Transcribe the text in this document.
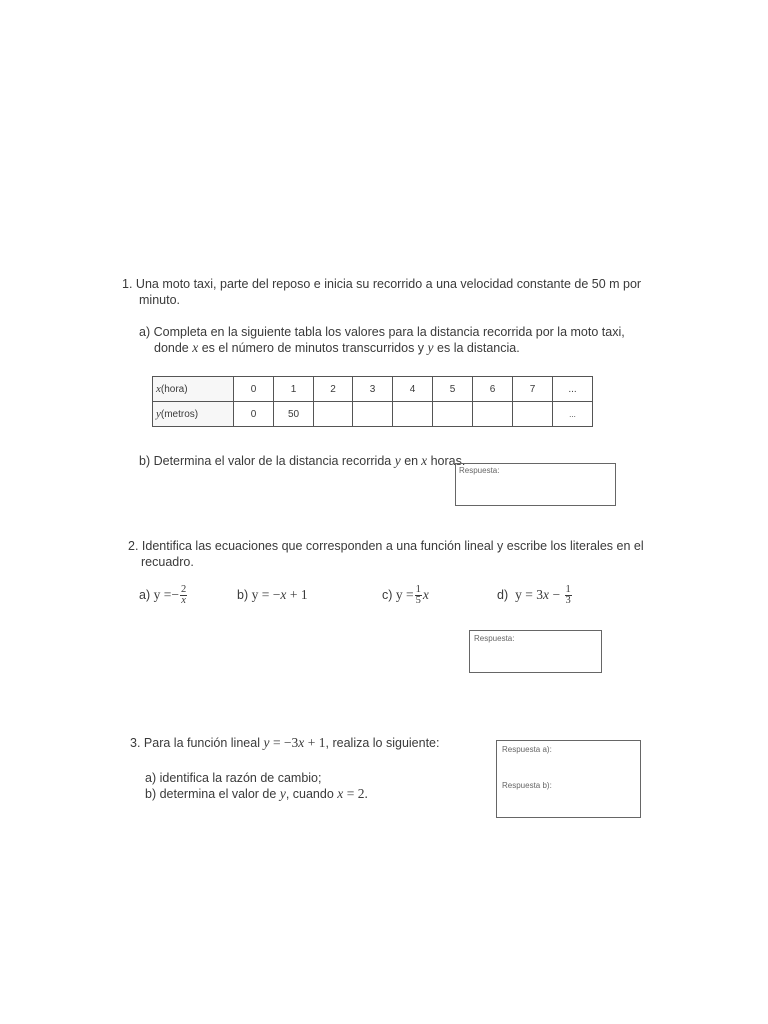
1. Una moto taxi, parte del reposo e inicia su recorrido a una velocidad constante de 50 m por
minuto.
a) Completa en la siguiente tabla los valores para la distancia recorrida por la moto taxi,
donde x es el número de minutos transcurridos y y es la distancia.
x(hora)	0	1	2	3	4	5	6	7	...
y(metros)	0	50							...
b) Determina el valor de la distancia recorrida y en x horas.
Respuesta:
2. Identifica las ecuaciones que corresponden a una función lineal y escribe los literales en el
recuadro.
a) $y =- \frac{2}{x}$	b) y = −x + 1	c) $y = \frac{1}{5}$ x	d) $y = 3x - \frac{1}{3}$
Respuesta:
3. Para la función lineal y = −3x + 1, realiza lo siguiente:
a) identifica la razón de cambio;
b) determina el valor de y, cuando x = 2.
Respuesta a):
Respuesta b):
